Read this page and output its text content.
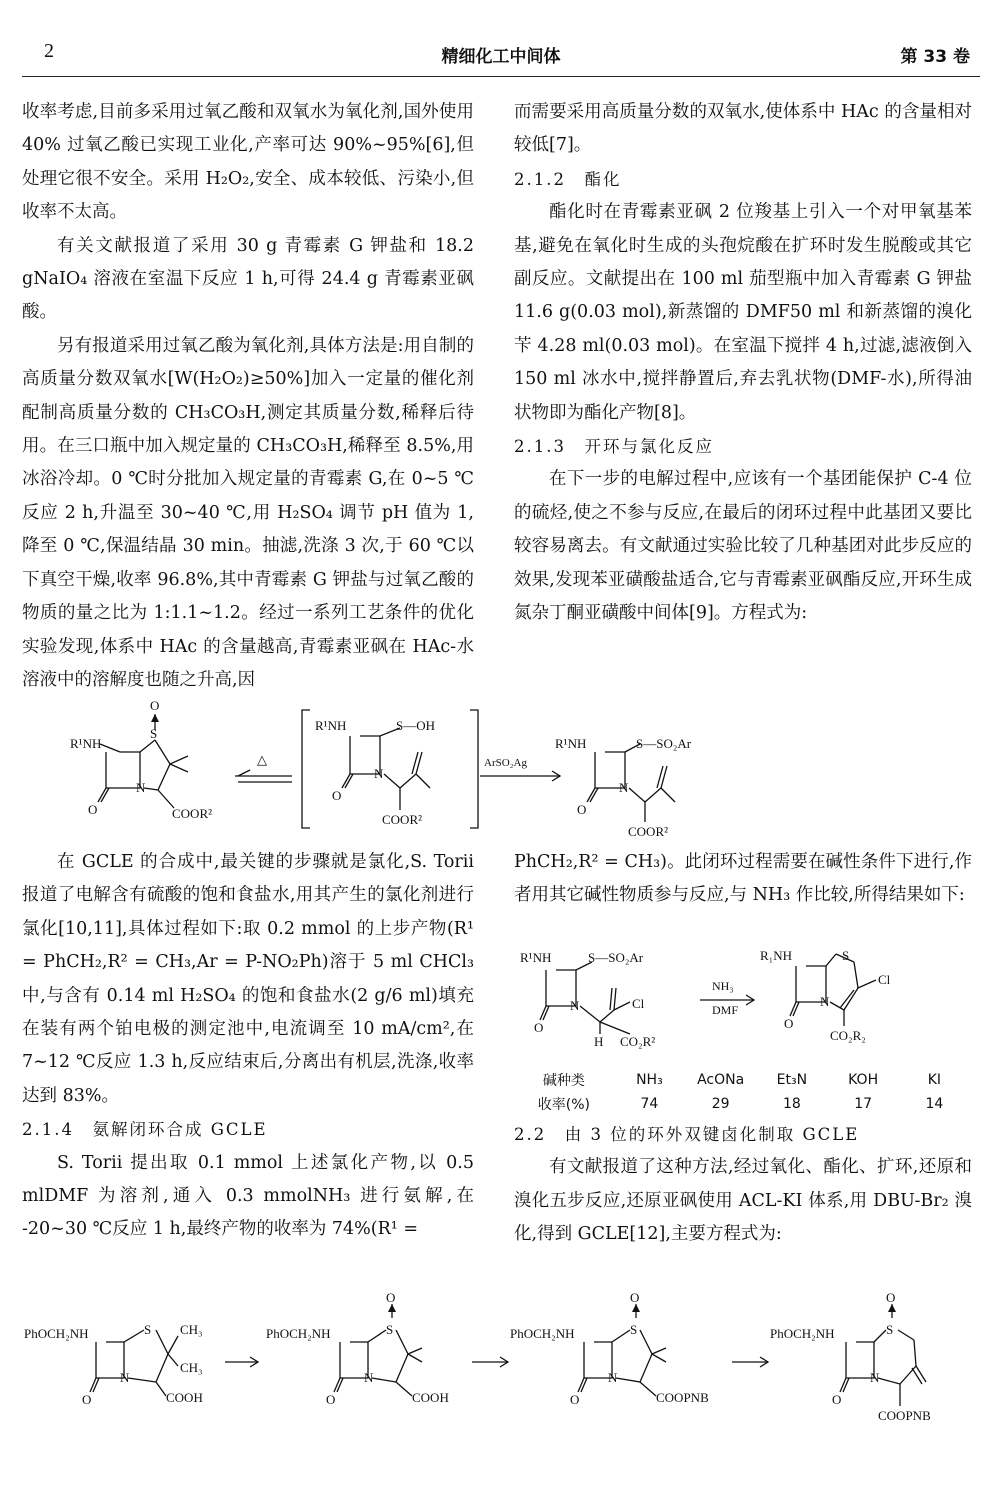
2	精细化工中间体	第 33 卷

收率考虑,目前多采用过氧乙酸和双氧水为氧化剂,国外使用 40% 过氧乙酸已实现工业化,产率可达 90%~95%[6],但处理它很不安全。采用 H₂O₂,安全、成本较低、污染小,但收率不太高。

有关文献报道了采用 30 g 青霉素 G 钾盐和 18.2 gNaIO₄ 溶液在室温下反应 1 h,可得 24.4 g 青霉素亚砜酸。

另有报道采用过氧乙酸为氧化剂,具体方法是:用自制的高质量分数双氧水[W(H₂O₂)≥50%]加入一定量的催化剂配制高质量分数的 CH₃CO₃H,测定其质量分数,稀释后待用。在三口瓶中加入规定量的 CH₃CO₃H,稀释至 8.5%,用冰浴冷却。0 ℃时分批加入规定量的青霉素 G,在 0~5 ℃反应 2 h,升温至 30~40 ℃,用 H₂SO₄ 调节 pH 值为 1,降至 0 ℃,保温结晶 30 min。抽滤,洗涤 3 次,于 60 ℃以下真空干燥,收率 96.8%,其中青霉素 G 钾盐与过氧乙酸的物质的量之比为 1:1.1~1.2。经过一系列工艺条件的优化实验发现,体系中 HAc 的含量越高,青霉素亚砜在 HAc-水溶液中的溶解度也随之升高,因

而需要采用高质量分数的双氧水,使体系中 HAc 的含量相对较低[7]。

2.1.2　酯化

酯化时在青霉素亚砜 2 位羧基上引入一个对甲氧基苯基,避免在氧化时生成的头孢烷酸在扩环时发生脱酸或其它副反应。文献提出在 100 ml 茄型瓶中加入青霉素 G 钾盐 11.6 g(0.03 mol),新蒸馏的 DMF50 ml 和新蒸馏的溴化苄 4.28 ml(0.03 mol)。在室温下搅拌 4 h,过滤,滤液倒入 150 ml 冰水中,搅拌静置后,弃去乳状物(DMF-水),所得油状物即为酯化产物[8]。

2.1.3　开环与氯化反应

在下一步的电解过程中,应该有一个基团能保护 C-4 位的硫烃,使之不参与反应,在最后的闭环过程中此基团又要比较容易离去。有文献通过实验比较了几种基团对此步反应的效果,发现苯亚磺酸盐适合,它与青霉素亚砜酯反应,开环生成氮杂丁酮亚磺酸中间体[9]。方程式为:

R¹NH
S
O
N
O	COOR²
△
R¹NH	S—OH
N
O
COOR²
ArSO₂Ag
R¹NH	S—SO₂Ar
N
O
COOR²

在 GCLE 的合成中,最关键的步骤就是氯化,S. Torii 报道了电解含有硫酸的饱和食盐水,用其产生的氯化剂进行氯化[10,11],具体过程如下:取 0.2 mmol 的上步产物(R¹ = PhCH₂,R² = CH₃,Ar = P-NO₂Ph)溶于 5 ml CHCl₃ 中,与含有 0.14 ml H₂SO₄ 的饱和食盐水(2 g/6 ml)填充在装有两个铂电极的测定池中,电流调至 10 mA/cm²,在 7~12 ℃反应 1.3 h,反应结束后,分离出有机层,洗涤,收率达到 83%。

2.1.4　氨解闭环合成 GCLE

S. Torii 提出取 0.1 mmol 上述氯化产物,以 0.5 mlDMF 为溶剂,通入 0.3 mmolNH₃ 进行氨解,在 -20~30 ℃反应 1 h,最终产物的收率为 74%(R¹ =

PhCH₂,R² = CH₃)。此闭环过程需要在碱性条件下进行,作者用其它碱性物质参与反应,与 NH₃ 作比较,所得结果如下:

R¹NH	S—SO₂Ar
N
O
Cl
H CO₂R²
NH₃
DMF
R₁NH	S
N
O
Cl
CO₂R₂
碱种类	NH₃	AcONa	Et₃N	KOH	KI
收率(%)	74	29	18	17	14

2.2　由 3 位的环外双键卤化制取 GCLE

有文献报道了这种方法,经过氧化、酯化、扩环,还原和溴化五步反应,还原亚砜使用 ACL-KI 体系,用 DBU-Br₂ 溴化,得到 GCLE[12],主要方程式为:

PhOCH₂NH	S CH₃
CH₃
N
O	COOH
PhOCH₂NH	S
O
N
O	COOH
PhOCH₂NH	S
O
N
O	COOPNB
PhOCH₂NH	S
O
N
O
COOPNB
